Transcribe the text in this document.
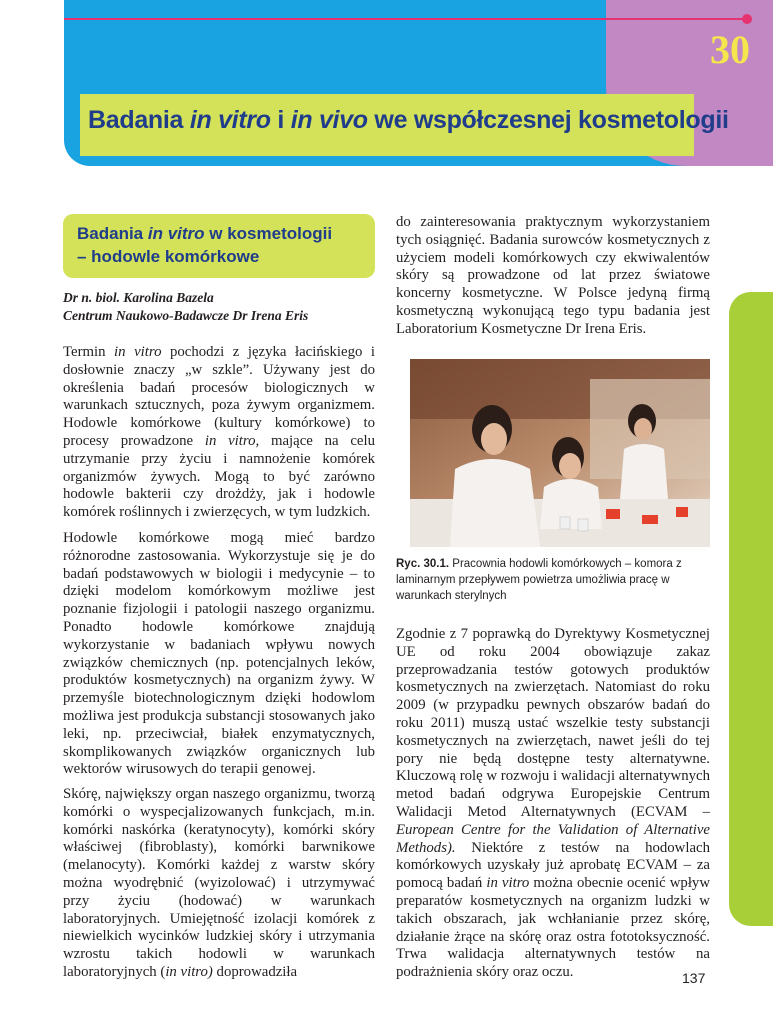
30
Badania in vitro i in vivo we współczesnej kosmetologii
Badania in vitro w kosmetologii
– hodowle komórkowe
Dr n. biol. Karolina Bazela
Centrum Naukowo-Badawcze Dr Irena Eris

Termin in vitro pochodzi z języka łacińskiego i dosłownie znaczy „w szkle”. Używany jest do określenia badań procesów biologicznych w warunkach sztucznych, poza żywym organizmem. Hodowle komórkowe (kultury komórkowe) to procesy prowadzone in vitro, mające na celu utrzymanie przy życiu i namnożenie komórek organizmów żywych. Mogą to być zarówno hodowle bakterii czy drożdży, jak i hodowle komórek roślinnych i zwierzęcych, w tym ludzkich.

Hodowle komórkowe mogą mieć bardzo różnorodne zastosowania. Wykorzystuje się je do badań podstawowych w biologii i medycynie – to dzięki modelom komórkowym możliwe jest poznanie fizjologii i patologii naszego organizmu. Ponadto hodowle komórkowe znajdują wykorzystanie w badaniach wpływu nowych związków chemicznych (np. potencjalnych leków, produktów kosmetycznych) na organizm żywy. W przemyśle biotechnologicznym dzięki hodowlom możliwa jest produkcja substancji stosowanych jako leki, np. przeciwciał, białek enzymatycznych, skomplikowanych związków organicznych lub wektorów wirusowych do terapii genowej.

Skórę, największy organ naszego organizmu, tworzą komórki o wyspecjalizowanych funkcjach, m.in. komórki naskórka (keratynocyty), komórki skóry właściwej (fibroblasty), komórki barwnikowe (melanocyty). Komórki każdej z warstw skóry można wyodrębnić (wyizolować) i utrzymywać przy życiu (hodować) w warunkach laboratoryjnych. Umiejętność izolacji komórek z niewielkich wycinków ludzkiej skóry i utrzymania wzrostu takich hodowli w warunkach laboratoryjnych (in vitro) doprowadziła

do zainteresowania praktycznym wykorzystaniem tych osiągnięć. Badania surowców kosmetycznych z użyciem modeli komórkowych czy ekwiwalentów skóry są prowadzone od lat przez światowe koncerny kosmetyczne. W Polsce jedyną firmą kosmetyczną wykonującą tego typu badania jest Laboratorium Kosmetyczne Dr Irena Eris.

Ryc. 30.1. Pracownia hodowli komórkowych – komora z laminarnym przepływem powietrza umożliwia pracę w warunkach sterylnych

Zgodnie z 7 poprawką do Dyrektywy Kosmetycznej UE od roku 2004 obowiązuje zakaz przeprowadzania testów gotowych produktów kosmetycznych na zwierzętach. Natomiast do roku 2009 (w przypadku pewnych obszarów badań do roku 2011) muszą ustać wszelkie testy substancji kosmetycznych na zwierzętach, nawet jeśli do tej pory nie będą dostępne testy alternatywne. Kluczową rolę w rozwoju i walidacji alternatywnych metod badań odgrywa Europejskie Centrum Walidacji Metod Alternatywnych (ECVAM – European Centre for the Validation of Alternative Methods). Niektóre z testów na hodowlach komórkowych uzyskały już aprobatę ECVAM – za pomocą badań in vitro można obecnie ocenić wpływ preparatów kosmetycznych na organizm ludzki w takich obszarach, jak wchłanianie przez skórę, działanie żrące na skórę oraz ostra fototoksyczność. Trwa walidacja alternatywnych testów na podrażnienia skóry oraz oczu.	137
